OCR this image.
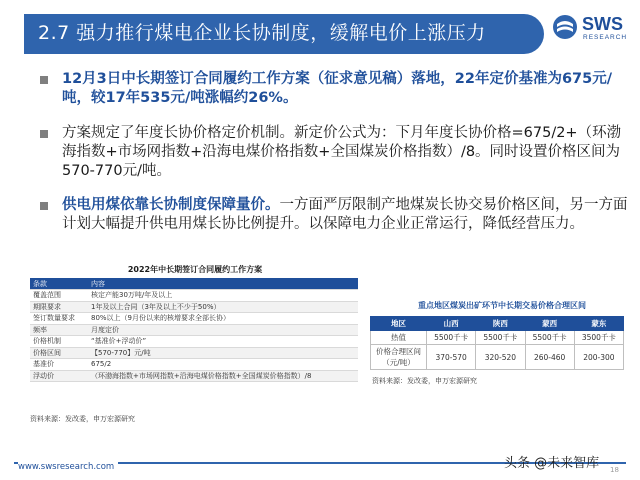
2.7 强力推行煤电企业长协制度，缓解电价上涨压力	SWS
RESEARCH
12月3日中长期签订合同履约工作方案（征求意见稿）落地，22年定价基准为675元/吨，较17年535元/吨涨幅约26%。
方案规定了年度长协价格定价机制。新定价公式为：下月年度长协价格=675/2+（环渤海指数+市场网指数+沿海电煤价格指数+全国煤炭价格指数）/8。同时设置价格区间为570-770元/吨。
供电用煤依靠长协制度保障量价。一方面严厉限制产地煤炭长协交易价格区间，另一方面计划大幅提升供电用煤长协比例提升。以保障电力企业正常运行，降低经营压力。
2022年中长期签订合同履约工作方案
条款	内容
覆盖范围	核定产能30万吨/年及以上
期限要求	1年及以上合同（3年及以上不少于50%）
签订数量要求	80%以上（9月份以来的核增要求全部长协）
频率	月度定价
价格机制	“基准价+浮动价”
价格区间	【570-770】元/吨
基准价	675/2
浮动价	（环渤海指数+市场网指数+沿海电煤价格指数+全国煤炭价格指数）/8
资料来源：发改委，申万宏源研究
重点地区煤炭出矿环节中长期交易价格合理区间
地区	山西	陕西	蒙西	蒙东
热值	5500千卡	5500千卡	5500千卡	3500千卡
价格合理区间（元/吨）	370-570	320-520	260-460	200-300
资料来源：发改委，申万宏源研究
www.swsresearch.com	头条 @未来智库 18
